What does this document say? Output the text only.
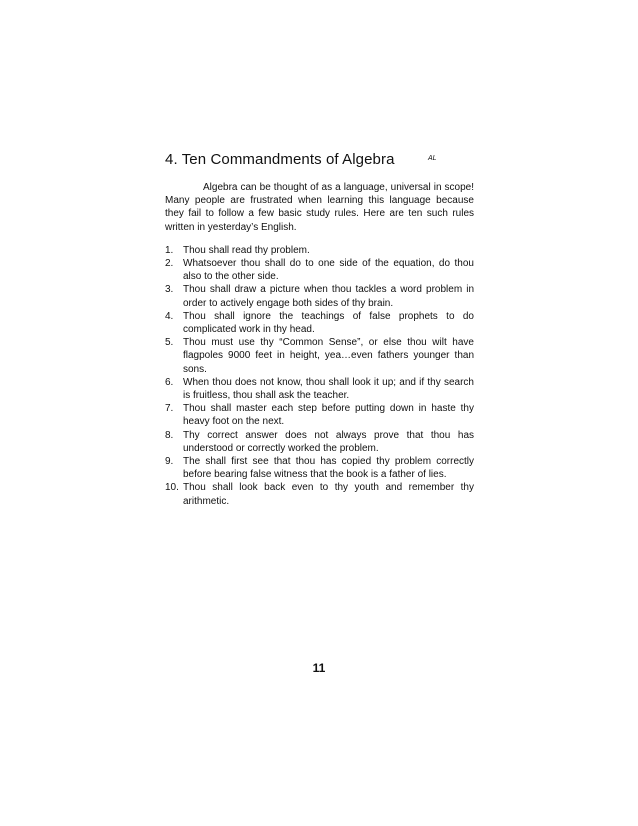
4. Ten Commandments of Algebra	AL

Algebra can be thought of as a language, universal in scope! Many people are frustrated when learning this language because they fail to follow a few basic study rules. Here are ten such rules written in yesterday’s English.

1. Thou shall read thy problem.
2. Whatsoever thou shall do to one side of the equation, do thou also to the other side.
3. Thou shall draw a picture when thou tackles a word problem in order to actively engage both sides of thy brain.
4. Thou shall ignore the teachings of false prophets to do complicated work in thy head.
5. Thou must use thy “Common Sense”, or else thou wilt have flagpoles 9000 feet in height, yea…even fathers younger than sons.
6. When thou does not know, thou shall look it up; and if thy search is fruitless, thou shall ask the teacher.
7. Thou shall master each step before putting down in haste thy heavy foot on the next.
8. Thy correct answer does not always prove that thou has understood or correctly worked the problem.
9. The shall first see that thou has copied thy problem correctly before bearing false witness that the book is a father of lies.
10. Thou shall look back even to thy youth and remember thy arithmetic.
11
